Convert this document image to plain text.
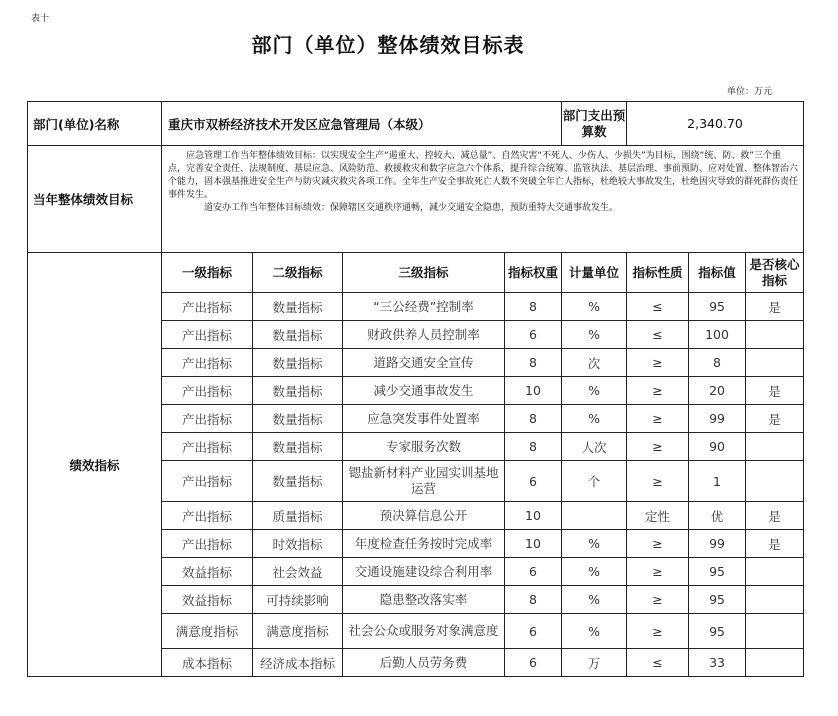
表十
部门（单位）整体绩效目标表
单位：万元
部门(单位)名称	重庆市双桥经济技术开发区应急管理局（本级）				部门支出预算数	2,340.70		
当年整体绩效目标	应急管理工作当年整体绩效目标：以实现安全生产“遏重大、控较大、减总量”、自然灾害“不死人、少伤人、少损失”为目标，围绕“统、防、救”三个重点，完善安全责任、法规制度、基层应急、风险防范、救援救灾和数字应急六个体系，提升综合统筹、监管执法、基层治理、事前预防、应对处置、整体智治六个能力，固本强基推进安全生产与防灾减灾救灾各项工作。全年生产安全事故死亡人数不突破全年亡人指标，杜绝较大事故发生，杜绝因灾导致的群死群伤责任事件发生。

道安办工作当年整体目标绩效：保障辖区交通秩序通畅，减少交通安全隐患，预防重特大交通事故发生。							

绩效指标	一级指标	二级指标	三级指标	指标权重	计量单位	指标性质	指标值	是否核心指标
	产出指标	数量指标	“三公经费”控制率	8	%	≤	95	是
	产出指标	数量指标	财政供养人员控制率	6	%	≤	100	
	产出指标	数量指标	道路交通安全宣传	8	次	≥	8	
	产出指标	数量指标	减少交通事故发生	10	%	≥	20	是
	产出指标	数量指标	应急突发事件处置率	8	%	≥	99	是
	产出指标	数量指标	专家服务次数	8	人次	≥	90	
	产出指标	数量指标	锶盐新材料产业园实训基地运营	6	个	≥	1	
	产出指标	质量指标	预决算信息公开	10		定性	优	是
	产出指标	时效指标	年度检查任务按时完成率	10	%	≥	99	是
	效益指标	社会效益	交通设施建设综合利用率	6	%	≥	95	
	效益指标	可持续影响	隐患整改落实率	8	%	≥	95	
	满意度指标	满意度指标	社会公众或服务对象满意度	6	%	≥	95	
	成本指标	经济成本指标	后勤人员劳务费	6	万	≤	33	
